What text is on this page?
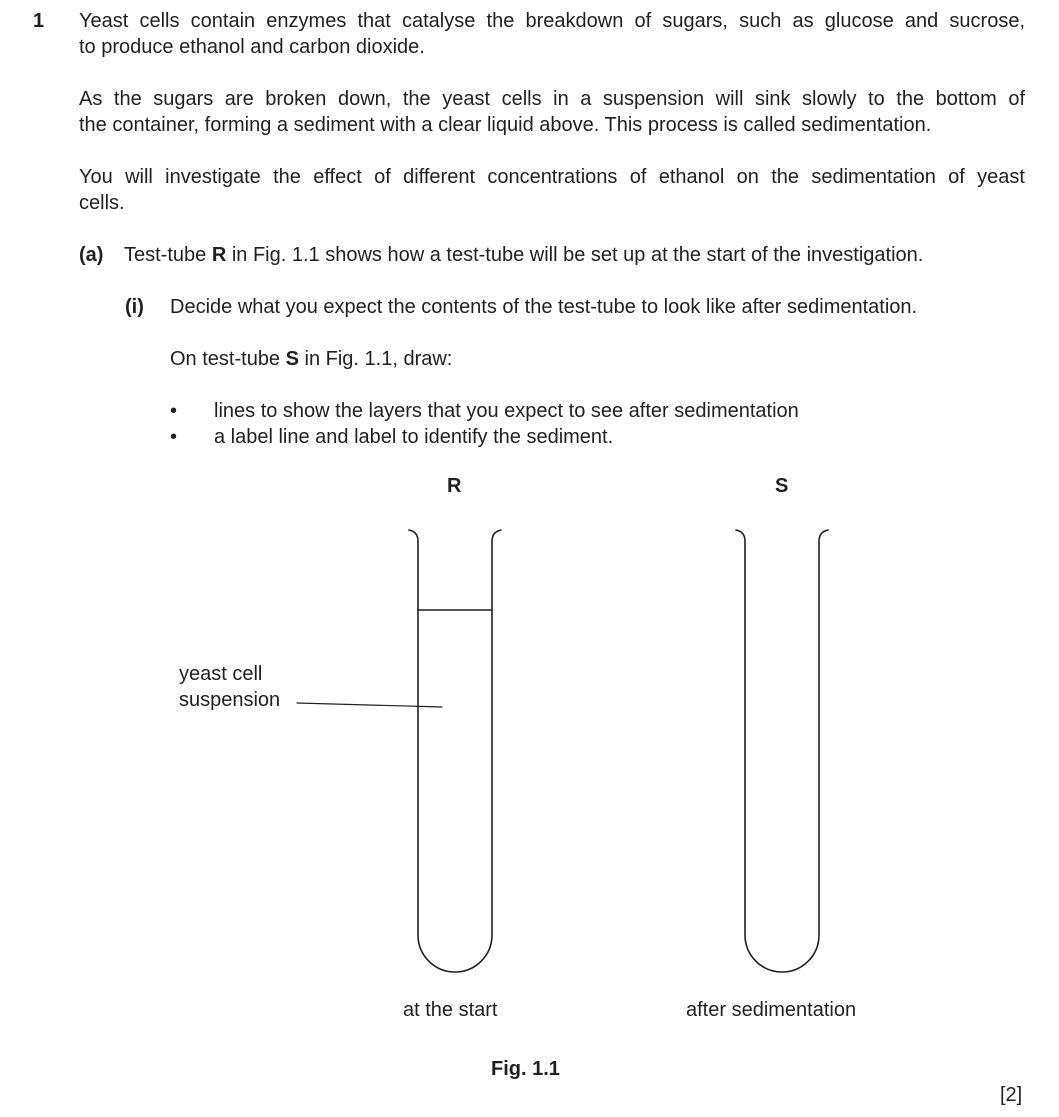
1 Yeast cells contain enzymes that catalyse the breakdown of sugars, such as glucose and sucrose,
to produce ethanol and carbon dioxide.
As the sugars are broken down, the yeast cells in a suspension will sink slowly to the bottom of
the container, forming a sediment with a clear liquid above. This process is called sedimentation.
You will investigate the effect of different concentrations of ethanol on the sedimentation of yeast
cells.
(a) Test-tube R in Fig. 1.1 shows how a test-tube will be set up at the start of the investigation.
(i) Decide what you expect the contents of the test-tube to look like after sedimentation.
On test-tube S in Fig. 1.1, draw:
• lines to show the layers that you expect to see after sedimentation
• a label line and label to identify the sediment.
R	S
yeast cell
suspension
at the start	after sedimentation
Fig. 1.1
[2]
